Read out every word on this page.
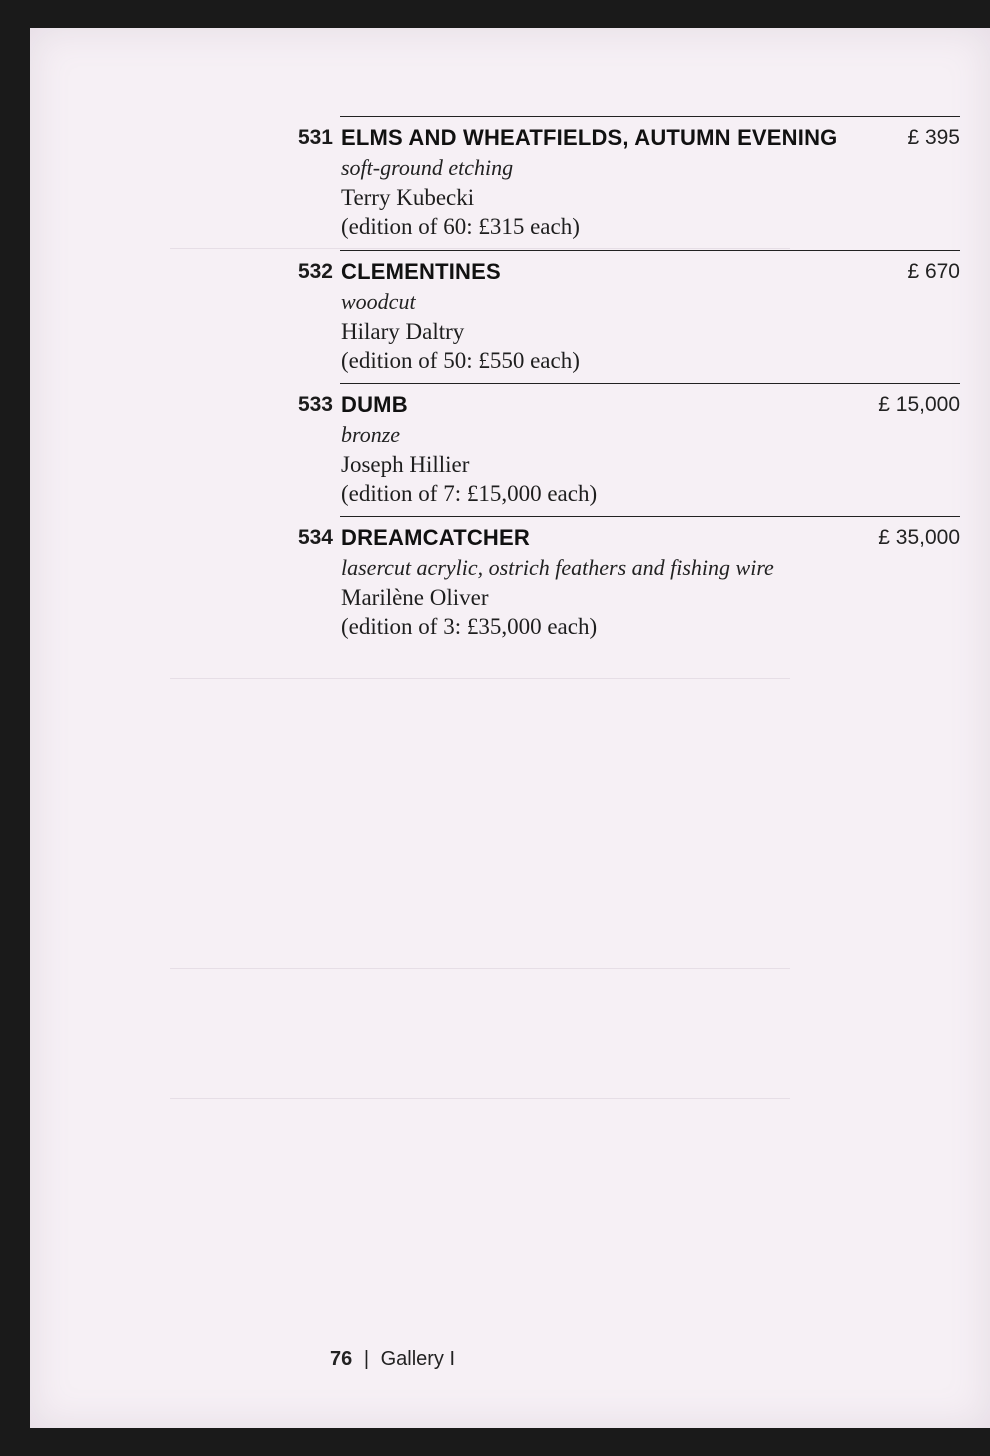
531 ELMS AND WHEATFIELDS, AUTUMN EVENING
soft-ground etching
Terry Kubecki
(edition of 60: £315 each)
£ 395
532 CLEMENTINES
woodcut
Hilary Daltry
(edition of 50: £550 each)
£ 670
533 DUMB
bronze
Joseph Hillier
(edition of 7: £15,000 each)
£ 15,000
534 DREAMCATCHER
lasercut acrylic, ostrich feathers and fishing wire
Marilène Oliver
(edition of 3: £35,000 each)
£ 35,000
76 | Gallery I
